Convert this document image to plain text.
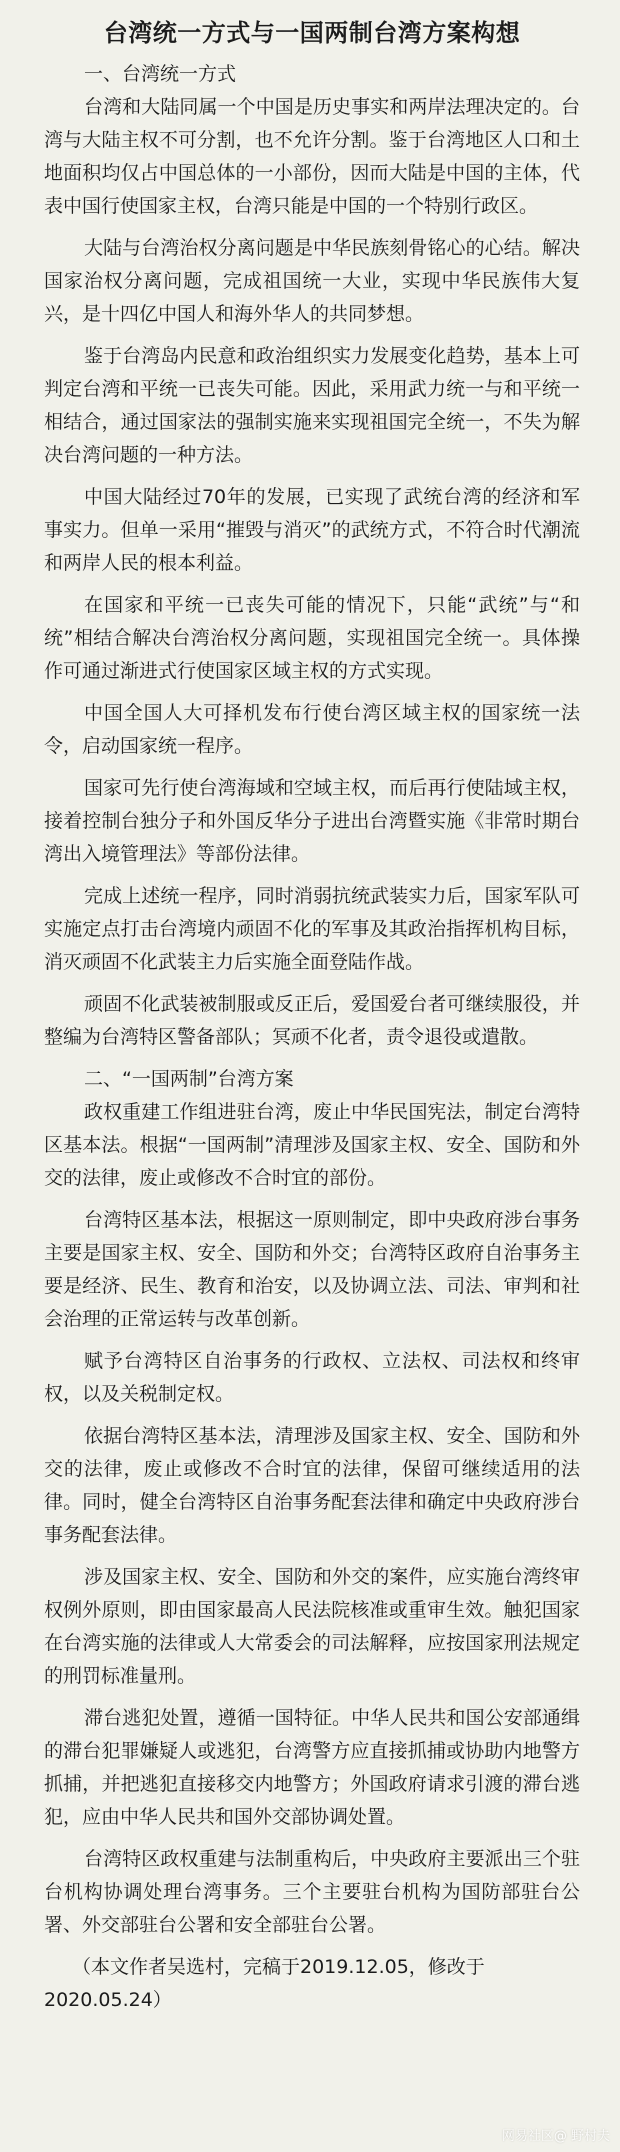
台湾统一方式与一国两制台湾方案构想
一、台湾统一方式

台湾和大陆同属一个中国是历史事实和两岸法理决定的。台湾与大陆主权不可分割，也不允许分割。鉴于台湾地区人口和土地面积均仅占中国总体的一小部份，因而大陆是中国的主体，代表中国行使国家主权，台湾只能是中国的一个特别行政区。

大陆与台湾治权分离问题是中华民族刻骨铭心的心结。解决国家治权分离问题，完成祖国统一大业，实现中华民族伟大复兴，是十四亿中国人和海外华人的共同梦想。

鉴于台湾岛内民意和政治组织实力发展变化趋势，基本上可判定台湾和平统一已丧失可能。因此，采用武力统一与和平统一相结合，通过国家法的强制实施来实现祖国完全统一，不失为解决台湾问题的一种方法。

中国大陆经过70年的发展，已实现了武统台湾的经济和军事实力。但单一采用“摧毁与消灭”的武统方式，不符合时代潮流和两岸人民的根本利益。

在国家和平统一已丧失可能的情况下，只能“武统”与“和统”相结合解决台湾治权分离问题，实现祖国完全统一。具体操作可通过渐进式行使国家区域主权的方式实现。

中国全国人大可择机发布行使台湾区域主权的国家统一法令，启动国家统一程序。

国家可先行使台湾海域和空域主权，而后再行使陆域主权，接着控制台独分子和外国反华分子进出台湾暨实施《非常时期台湾出入境管理法》等部份法律。

完成上述统一程序，同时消弱抗统武装实力后，国家军队可实施定点打击台湾境内顽固不化的军事及其政治指挥机构目标，消灭顽固不化武装主力后实施全面登陆作战。

顽固不化武装被制服或反正后，爱国爱台者可继续服役，并整编为台湾特区警备部队；冥顽不化者，责令退役或遣散。

二、“一国两制”台湾方案

政权重建工作组进驻台湾，废止中华民国宪法，制定台湾特区基本法。根据“一国两制”清理涉及国家主权、安全、国防和外交的法律，废止或修改不合时宜的部份。

台湾特区基本法，根据这一原则制定，即中央政府涉台事务主要是国家主权、安全、国防和外交；台湾特区政府自治事务主要是经济、民生、教育和治安，以及协调立法、司法、审判和社会治理的正常运转与改革创新。

赋予台湾特区自治事务的行政权、立法权、司法权和终审权，以及关税制定权。

依据台湾特区基本法，清理涉及国家主权、安全、国防和外交的法律，废止或修改不合时宜的法律，保留可继续适用的法律。同时，健全台湾特区自治事务配套法律和确定中央政府涉台事务配套法律。

涉及国家主权、安全、国防和外交的案件，应实施台湾终审权例外原则，即由国家最高人民法院核准或重审生效。触犯国家在台湾实施的法律或人大常委会的司法解释，应按国家刑法规定的刑罚标准量刑。

滞台逃犯处置，遵循一国特征。中华人民共和国公安部通缉的滞台犯罪嫌疑人或逃犯，台湾警方应直接抓捕或协助内地警方抓捕，并把逃犯直接移交内地警方；外国政府请求引渡的滞台逃犯，应由中华人民共和国外交部协调处置。

台湾特区政权重建与法制重构后，中央政府主要派出三个驻台机构协调处理台湾事务。三个主要驻台机构为国防部驻台公署、外交部驻台公署和安全部驻台公署。

（本文作者吴选村，完稿于2019.12.05，修改于2020.05.24）

网易社区@ 野村夫
